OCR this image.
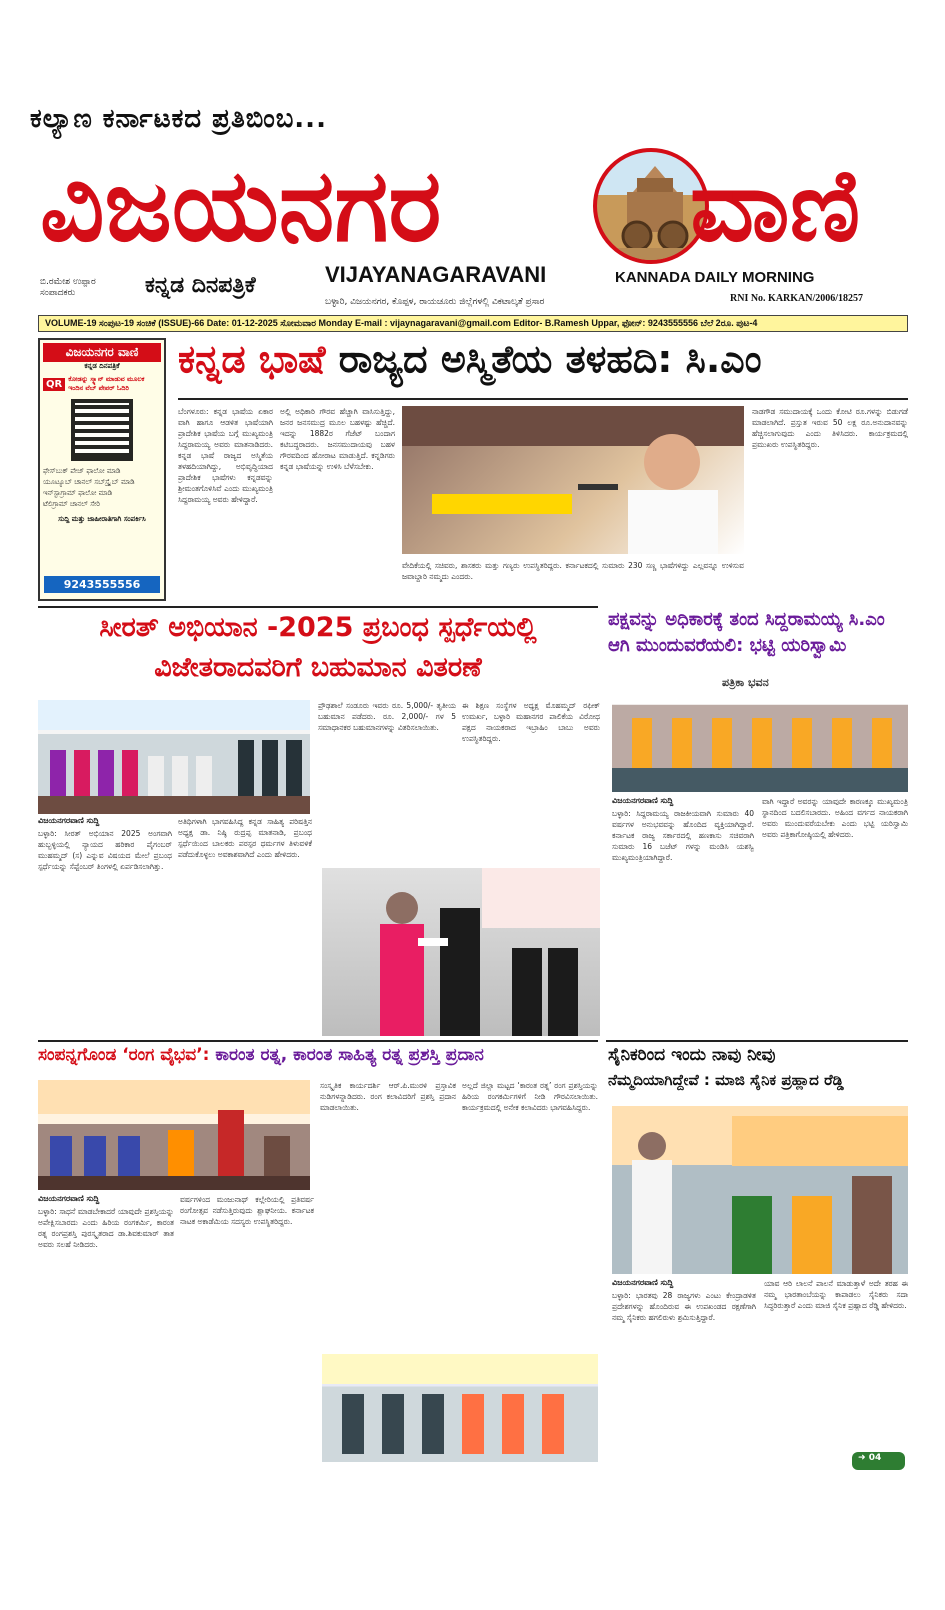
ಕಲ್ಯಾಣ ಕರ್ನಾಟಕದ ಪ್ರತಿಬಿಂಬ...
ವಿಜಯನಗರ ವಾಣಿ
ಬಿ.ರಮೇಶ ಉಪ್ಪಾರ
ಸಂಪಾದಕರು	ಕನ್ನಡ ದಿನಪತ್ರಿಕೆ	VIJAYANAGARAVANI	KANNADA DAILY MORNING
ಬಳ್ಳಾರಿ, ವಿಜಯನಗರ, ಕೊಪ್ಪಳ, ರಾಯಚೂರು ಜಿಲ್ಲೆಗಳಲ್ಲಿ ವಿಕಟಾಲ್ಕತೆ ಪ್ರಸಾರ	RNI No. KARKAN/2006/18257
VOLUME-19 ಸಂಪುಟ-19 ಸಂಚಿಕೆ (ISSUE)-66 Date: 01-12-2025 ಸೋಮವಾರ Monday E-mail : vijaynagaravani@gmail.com Editor- B.Ramesh Uppar, ಫೋನ್: 9243555556 ಬೆಲೆ 2ರೂ. ಪುಟ-4
ವಿಜಯನಗರ ವಾಣಿ
ಕನ್ನಡ ದಿನಪತ್ರಿಕೆ
QR ಕೋಡನ್ನು ಸ್ಕ್ಯಾನ್ ಮಾಡುವ ಮೂಲಕ ಇಂದಿನ ವೆಬ್ ಪೇಪರ್ ಓದಿರಿ
ಫೇಸ್‌ಬುಕ್ ಪೇಜ್ ಫಾಲೋ ಮಾಡಿ
ಯೂಟ್ಯೂಬ್ ಚಾನಲ್ ಸಬ್‌ಸ್ಕ್ರೈಬ್ ಮಾಡಿ
ಇನ್‌ಸ್ಟಾಗ್ರಾಮ್ ಫಾಲೋ ಮಾಡಿ
ಟೆಲಿಗ್ರಾಮ್ ಚಾನಲ್ ಸೇರಿ
ಸುದ್ದಿ ಮತ್ತು ಜಾಹೀರಾತಿಗಾಗಿ ಸಂಪರ್ಕಿಸಿ
9243555556
ಕನ್ನಡ ಭಾಷೆ ರಾಜ್ಯದ ಅಸ್ಮಿತೆಯ ತಳಹದಿ: ಸಿ.ಎಂ
ಬೆಂಗಳೂರು: ಕನ್ನಡ ಭಾಷೆಯ ಏಕಾರ ವಾಗಿ ಹಾಗೂ ಆಡಳಿತ ಭಾಷೆಯಾಗಿ ಪ್ರಾದೇಶಿಕ ಭಾಷೆಯ ಬಗ್ಗೆ ಮುಖ್ಯಮಂತ್ರಿ ಸಿದ್ದರಾಮಯ್ಯ ಅವರು ಮಾತನಾಡಿದರು. ಕನ್ನಡ ಭಾಷೆ ರಾಜ್ಯದ ಅಸ್ಮಿತೆಯ ತಳಹದಿಯಾಗಿದ್ದು, ಅಭಿವೃದ್ಧಿಯಾದ ಪ್ರಾದೇಶಿಕ ಭಾಷೆಗಳು ಕನ್ನಡವನ್ನು ಶ್ರೀಮಂತಗೊಳಿಸಿವೆ ಎಂದು ಮುಖ್ಯಮಂತ್ರಿ ಸಿದ್ದರಾಮಯ್ಯ ಅವರು ಹೇಳಿದ್ದಾರೆ.
ಅಲ್ಲಿ ಅಧಿಕಾರಿ ಗೌರವ ಹೆಚ್ಚಾಗಿ ವಾಸಿಸುತ್ತಿದ್ದು, ಜನರ ಜನಸಮುದ್ರ ಮೂಲ ಬಹಳಷ್ಟು ಹೆಚ್ಚಿದೆ. ಇದನ್ನು 1882ರ ಗೆಜೆಟ್ ಬಂದಾಗ ಕಟಿಬದ್ಧರಾದರು. ಜನಸಮುದಾಯವು ಬಹಳ ಗೌರವದಿಂದ ಹೋರಾಟ ಮಾಡುತ್ತಿದೆ. ಕನ್ನಡಿಗರು ಕನ್ನಡ ಭಾಷೆಯನ್ನು ಉಳಿಸಿ ಬೆಳೆಸಬೇಕು.
ವೇದಿಕೆಯಲ್ಲಿ ಸಚಿವರು, ಶಾಸಕರು ಮತ್ತು ಗಣ್ಯರು ಉಪಸ್ಥಿತರಿದ್ದರು. ಕರ್ನಾಟಕದಲ್ಲಿ ಸುಮಾರು 230 ಸಣ್ಣ ಭಾಷೆಗಳಿದ್ದು ಎಲ್ಲವನ್ನೂ ಉಳಿಸುವ ಜವಾಬ್ದಾರಿ ನಮ್ಮದು ಎಂದರು.
ನಾಡಗೌಡ ಸಮುದಾಯಕ್ಕೆ ಒಂದು ಕೋಟಿ ರೂ.ಗಳನ್ನು ಬಿಡುಗಡೆ ಮಾಡಲಾಗಿದೆ. ಪ್ರಸ್ತುತ ಇರುವ 50 ಲಕ್ಷ ರೂ.ಅನುದಾನವನ್ನು ಹೆಚ್ಚಿಸಲಾಗುವುದು ಎಂದು ತಿಳಿಸಿದರು. ಕಾರ್ಯಕ್ರಮದಲ್ಲಿ ಪ್ರಮುಖರು ಉಪಸ್ಥಿತರಿದ್ದರು.
ಸೀರತ್ ಅಭಿಯಾನ -2025 ಪ್ರಬಂಧ ಸ್ಪರ್ಧೆಯಲ್ಲಿ
ವಿಜೇತರಾದವರಿಗೆ ಬಹುಮಾನ ವಿತರಣೆ
ವಿಜಯನಗರವಾಣಿ ಸುದ್ದಿ
ಬಳ್ಳಾರಿ: ಸೀರತ್ ಅಭಿಯಾನ 2025 ಅಂಗವಾಗಿ ಹುಬ್ಬಳ್ಳಿಯಲ್ಲಿ ನ್ಯಾಯದ ಹರಿಕಾರ ಪೈಗಂಬರ್ ಮುಹಮ್ಮದ್ (ಸ) ಎನ್ನುವ ವಿಷಯದ ಮೇಲೆ ಪ್ರಬಂಧ ಸ್ಪರ್ಧೆಯನ್ನು ಸೆಪ್ಟೆಂಬರ್ ತಿಂಗಳಲ್ಲಿ ಏರ್ಪಡಿಸಲಾಗಿತ್ತು.
ಅತಿಥಿಗಳಾಗಿ ಭಾಗವಹಿಸಿದ್ದ ಕನ್ನಡ ಸಾಹಿತ್ಯ ಪರಿಷತ್ತಿನ ಅಧ್ಯಕ್ಷ ಡಾ. ನಿಷ್ಠಿ ರುದ್ರಪ್ಪ ಮಾತನಾಡಿ, ಪ್ರಬಂಧ ಸ್ಪರ್ಧೆಯಿಂದ ಬಾಲಕರು ಪರಸ್ಪರ ಧರ್ಮಗಳ ತಿಳುವಳಿಕೆ ಪಡೆದುಕೊಳ್ಳಲು ಅವಕಾಶವಾಗಿದೆ ಎಂದು ಹೇಳಿದರು.
ಪ್ರೌಢಶಾಲೆ ಸಂಡೂರು ಇವರು ರೂ. 5,000/- ತೃತೀಯ ಬಹುಮಾನ ಪಡೆದರು. ರೂ. 2,000/- ಗಳ 5 ಸಮಾಧಾನಕರ ಬಹುಮಾನಗಳನ್ನು ವಿತರಿಸಲಾಯಿತು.
ಈ ಶಿಕ್ಷಣ ಸಂಸ್ಥೆಗಳ ಅಧ್ಯಕ್ಷ ಮೊಹಮ್ಮದ್ ರಫೀಕ್ ಉಮರ್ಖ, ಬಳ್ಳಾರಿ ಮಹಾನಗರ ಪಾಲಿಕೆಯ ವಿರೋಧ ಪಕ್ಷದ ನಾಯಕರಾದ ಇಬ್ರಾಹಿಂ ಬಾಬು ಅವರು ಉಪಸ್ಥಿತರಿದ್ದರು.
ಪಕ್ಷವನ್ನು ಅಧಿಕಾರಕ್ಕೆ ತಂದ ಸಿದ್ದರಾಮಯ್ಯ ಸಿ.ಎಂ
ಆಗಿ ಮುಂದುವರೆಯಲಿ: ಭಟ್ಟಿ ಯರಿಸ್ವಾಮಿ
ಪತ್ರಿಕಾ ಭವನ
ವಿಜಯನಗರವಾಣಿ ಸುದ್ದಿ
ಬಳ್ಳಾರಿ: ಸಿದ್ದರಾಮಯ್ಯ ರಾಜಕೀಯವಾಗಿ ಸುಮಾರು 40 ವರ್ಷಗಳ ಅನುಭವವನ್ನು ಹೊಂದಿದ ವ್ಯಕ್ತಿಯಾಗಿದ್ದಾರೆ. ಕರ್ನಾಟಕ ರಾಜ್ಯ ಸರ್ಕಾರದಲ್ಲಿ ಹಣಕಾಸು ಸಚಿವರಾಗಿ ಸುಮಾರು 16 ಬಜೆಟ್ ಗಳನ್ನು ಮಂಡಿಸಿ ಯಶಸ್ವಿ ಮುಖ್ಯಮಂತ್ರಿಯಾಗಿದ್ದಾರೆ.
ವಾಗಿ ಇದ್ದಾರೆ ಅವರನ್ನು ಯಾವುದೇ ಕಾರಣಕ್ಕೂ ಮುಖ್ಯಮಂತ್ರಿ ಸ್ಥಾನದಿಂದ ಬದಲಿಸಬಾರದು. ಅಹಿಂದ ವರ್ಗದ ನಾಯಕರಾಗಿ ಅವರು ಮುಂದುವರೆಯಬೇಕು ಎಂದು ಭಟ್ಟಿ ಯರಿಸ್ವಾಮಿ ಅವರು ಪತ್ರಿಕಾಗೋಷ್ಠಿಯಲ್ಲಿ ಹೇಳಿದರು.
ಸಂಪನ್ನಗೊಂಡ ‘ರಂಗ ವೈಭವ’: ಕಾರಂತ ರತ್ನ, ಕಾರಂತ ಸಾಹಿತ್ಯ ರತ್ನ ಪ್ರಶಸ್ತಿ ಪ್ರದಾನ
ವಿಜಯನಗರವಾಣಿ ಸುದ್ದಿ
ಬಳ್ಳಾರಿ: ಸಾಧನೆ ಮಾಡಬೇಕಾದರೆ ಯಾವುದೇ ಪ್ರಶಸ್ತಿಯನ್ನು ಅಪೇಕ್ಷಿಸಬಾರದು ಎಂದು ಹಿರಿಯ ರಂಗಕರ್ಮಿ, ಕಾರಂತ ರತ್ನ ರಂಗಪ್ರಶಸ್ತಿ ಪುರಸ್ಕೃತರಾದ ಡಾ.ಶಿವಕುಮಾರ್ ತಾತ ಅವರು ಸಲಹೆ ನೀಡಿದರು.
ವರ್ಷಗಳಿಂದ ಮಂಜುನಾಥ್ ಕಲ್ಲೇರಿಯಲ್ಲಿ ಪ್ರತಿವರ್ಷ ರಂಗೋತ್ಸವ ನಡೆಸುತ್ತಿರುವುದು ಶ್ಲಾಘನೀಯ. ಕರ್ನಾಟಕ ನಾಟಕ ಅಕಾಡೆಮಿಯ ಸದಸ್ಯರು ಉಪಸ್ಥಿತರಿದ್ದರು.
ಸಂಸ್ಕೃತಿಕ ಕಾರ್ಯದರ್ಶಿ ಆರ್.ಪಿ.ಮುರಳಿ ಪ್ರಸ್ತಾವಿಕ ನುಡಿಗಳನ್ನಾಡಿದರು. ರಂಗ ಕಲಾವಿದರಿಗೆ ಪ್ರಶಸ್ತಿ ಪ್ರದಾನ ಮಾಡಲಾಯಿತು.
ಅಲ್ಲದೆ ಜಿಲ್ಲಾ ಮಟ್ಟದ ‘ಕಾರಂತ ರತ್ನ’ ರಂಗ ಪ್ರಶಸ್ತಿಯನ್ನು ಹಿರಿಯ ರಂಗಕರ್ಮಿಗಳಿಗೆ ನೀಡಿ ಗೌರವಿಸಲಾಯಿತು. ಕಾರ್ಯಕ್ರಮದಲ್ಲಿ ಅನೇಕ ಕಲಾವಿದರು ಭಾಗವಹಿಸಿದ್ದರು.
ಸೈನಿಕರಿಂದ ಇಂದು ನಾವು ನೀವು
ನೆಮ್ಮದಿಯಾಗಿದ್ದೇವೆ : ಮಾಜಿ ಸೈನಿಕ ಪ್ರಹ್ಲಾದ ರೆಡ್ಡಿ
ವಿಜಯನಗರವಾಣಿ ಸುದ್ದಿ
ಬಳ್ಳಾರಿ: ಭಾರತವು 28 ರಾಜ್ಯಗಳು ಎಂಟು ಕೇಂದ್ರಾಡಳಿತ ಪ್ರದೇಶಗಳನ್ನು ಹೊಂದಿರುವ ಈ ಉಪಖಂಡದ ರಕ್ಷಣೆಗಾಗಿ ನಮ್ಮ ಸೈನಿಕರು ಹಗಲಿರುಳು ಶ್ರಮಿಸುತ್ತಿದ್ದಾರೆ.
ಯಾವ ಆರಿ ಲಾಲನೆ ಪಾಲನೆ ಮಾಡುತ್ತಾಳೆ ಅದೇ ತರಹ ಈ ನಮ್ಮ ಭಾರತಾಂಬೆಯನ್ನು ಕಾಪಾಡಲು ಸೈನಿಕರು ಸದಾ ಸಿದ್ಧರಿರುತ್ತಾರೆ ಎಂದು ಮಾಜಿ ಸೈನಿಕ ಪ್ರಹ್ಲಾದ ರೆಡ್ಡಿ ಹೇಳಿದರು.
➜ 04
